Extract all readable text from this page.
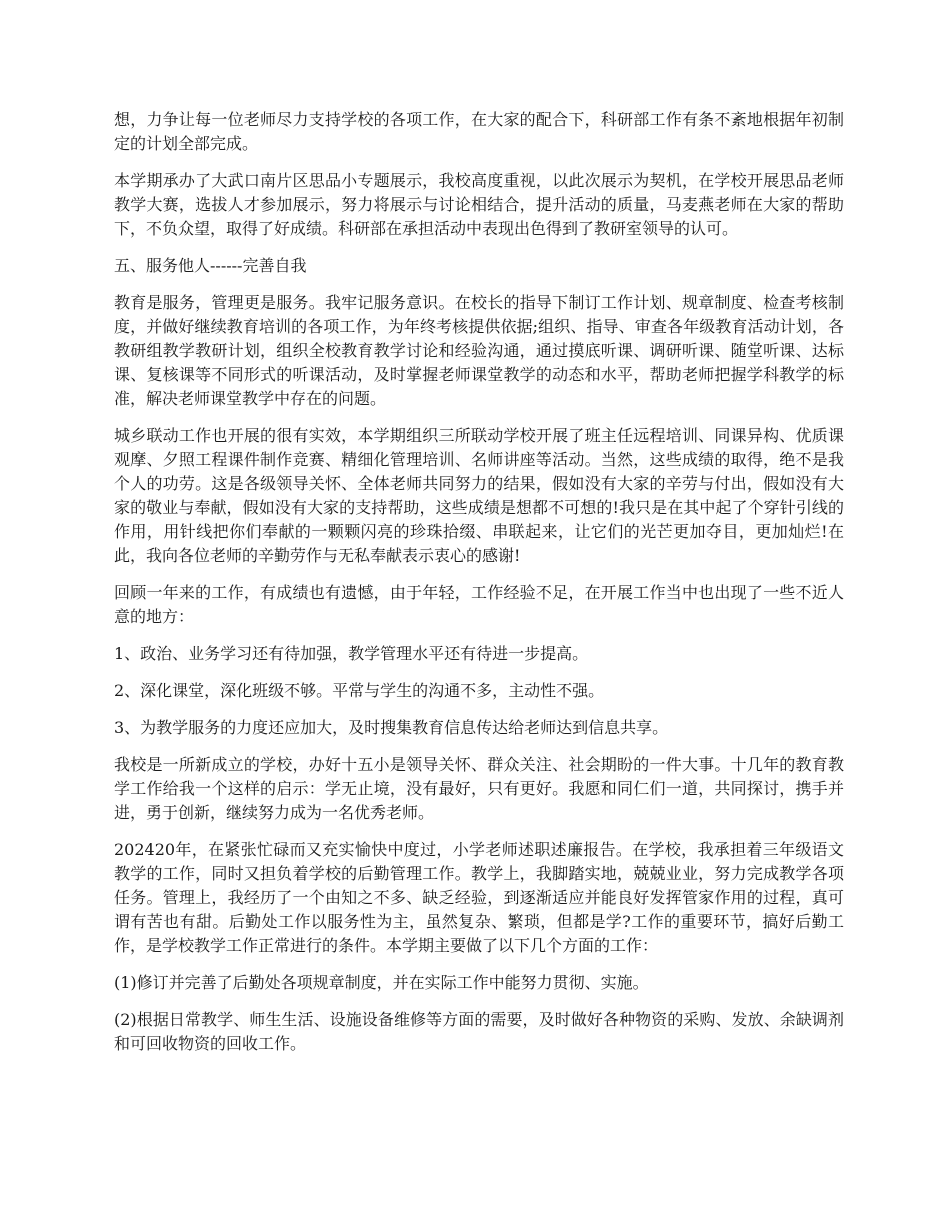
想，力争让每一位老师尽力支持学校的各项工作，在大家的配合下，科研部工作有条不紊地根据年初制定的计划全部完成。

本学期承办了大武口南片区思品小专题展示，我校高度重视，以此次展示为契机，在学校开展思品老师教学大赛，选拔人才参加展示，努力将展示与讨论相结合，提升活动的质量，马麦燕老师在大家的帮助下，不负众望，取得了好成绩。科研部在承担活动中表现出色得到了教研室领导的认可。

五、服务他人------完善自我

教育是服务，管理更是服务。我牢记服务意识。在校长的指导下制订工作计划、规章制度、检查考核制度，并做好继续教育培训的各项工作，为年终考核提供依据;组织、指导、审查各年级教育活动计划，各教研组教学教研计划，组织全校教育教学讨论和经验沟通，通过摸底听课、调研听课、随堂听课、达标课、复核课等不同形式的听课活动，及时掌握老师课堂教学的动态和水平，帮助老师把握学科教学的标准，解决老师课堂教学中存在的问题。

城乡联动工作也开展的很有实效，本学期组织三所联动学校开展了班主任远程培训、同课异构、优质课观摩、夕照工程课件制作竞赛、精细化管理培训、名师讲座等活动。当然，这些成绩的取得，绝不是我个人的功劳。这是各级领导关怀、全体老师共同努力的结果，假如没有大家的辛劳与付出，假如没有大家的敬业与奉献，假如没有大家的支持帮助，这些成绩是想都不可想的!我只是在其中起了个穿针引线的作用，用针线把你们奉献的一颗颗闪亮的珍珠拾缀、串联起来，让它们的光芒更加夺目，更加灿烂!在此，我向各位老师的辛勤劳作与无私奉献表示衷心的感谢!

回顾一年来的工作，有成绩也有遗憾，由于年轻，工作经验不足，在开展工作当中也出现了一些不近人意的地方：

1、政治、业务学习还有待加强，教学管理水平还有待进一步提高。

2、深化课堂，深化班级不够。平常与学生的沟通不多，主动性不强。

3、为教学服务的力度还应加大，及时搜集教育信息传达给老师达到信息共享。

我校是一所新成立的学校，办好十五小是领导关怀、群众关注、社会期盼的一件大事。十几年的教育教学工作给我一个这样的启示：学无止境，没有最好，只有更好。我愿和同仁们一道，共同探讨，携手并进，勇于创新，继续努力成为一名优秀老师。

202420年，在紧张忙碌而又充实愉快中度过，小学老师述职述廉报告。在学校，我承担着三年级语文教学的工作，同时又担负着学校的后勤管理工作。教学上，我脚踏实地，兢兢业业，努力完成教学各项任务。管理上，我经历了一个由知之不多、缺乏经验，到逐渐适应并能良好发挥管家作用的过程，真可谓有苦也有甜。后勤处工作以服务性为主，虽然复杂、繁琐，但都是学?工作的重要环节，搞好后勤工作，是学校教学工作正常进行的条件。本学期主要做了以下几个方面的工作：

(1)修订并完善了后勤处各项规章制度，并在实际工作中能努力贯彻、实施。

(2)根据日常教学、师生生活、设施设备维修等方面的需要，及时做好各种物资的采购、发放、余缺调剂和可回收物资的回收工作。
